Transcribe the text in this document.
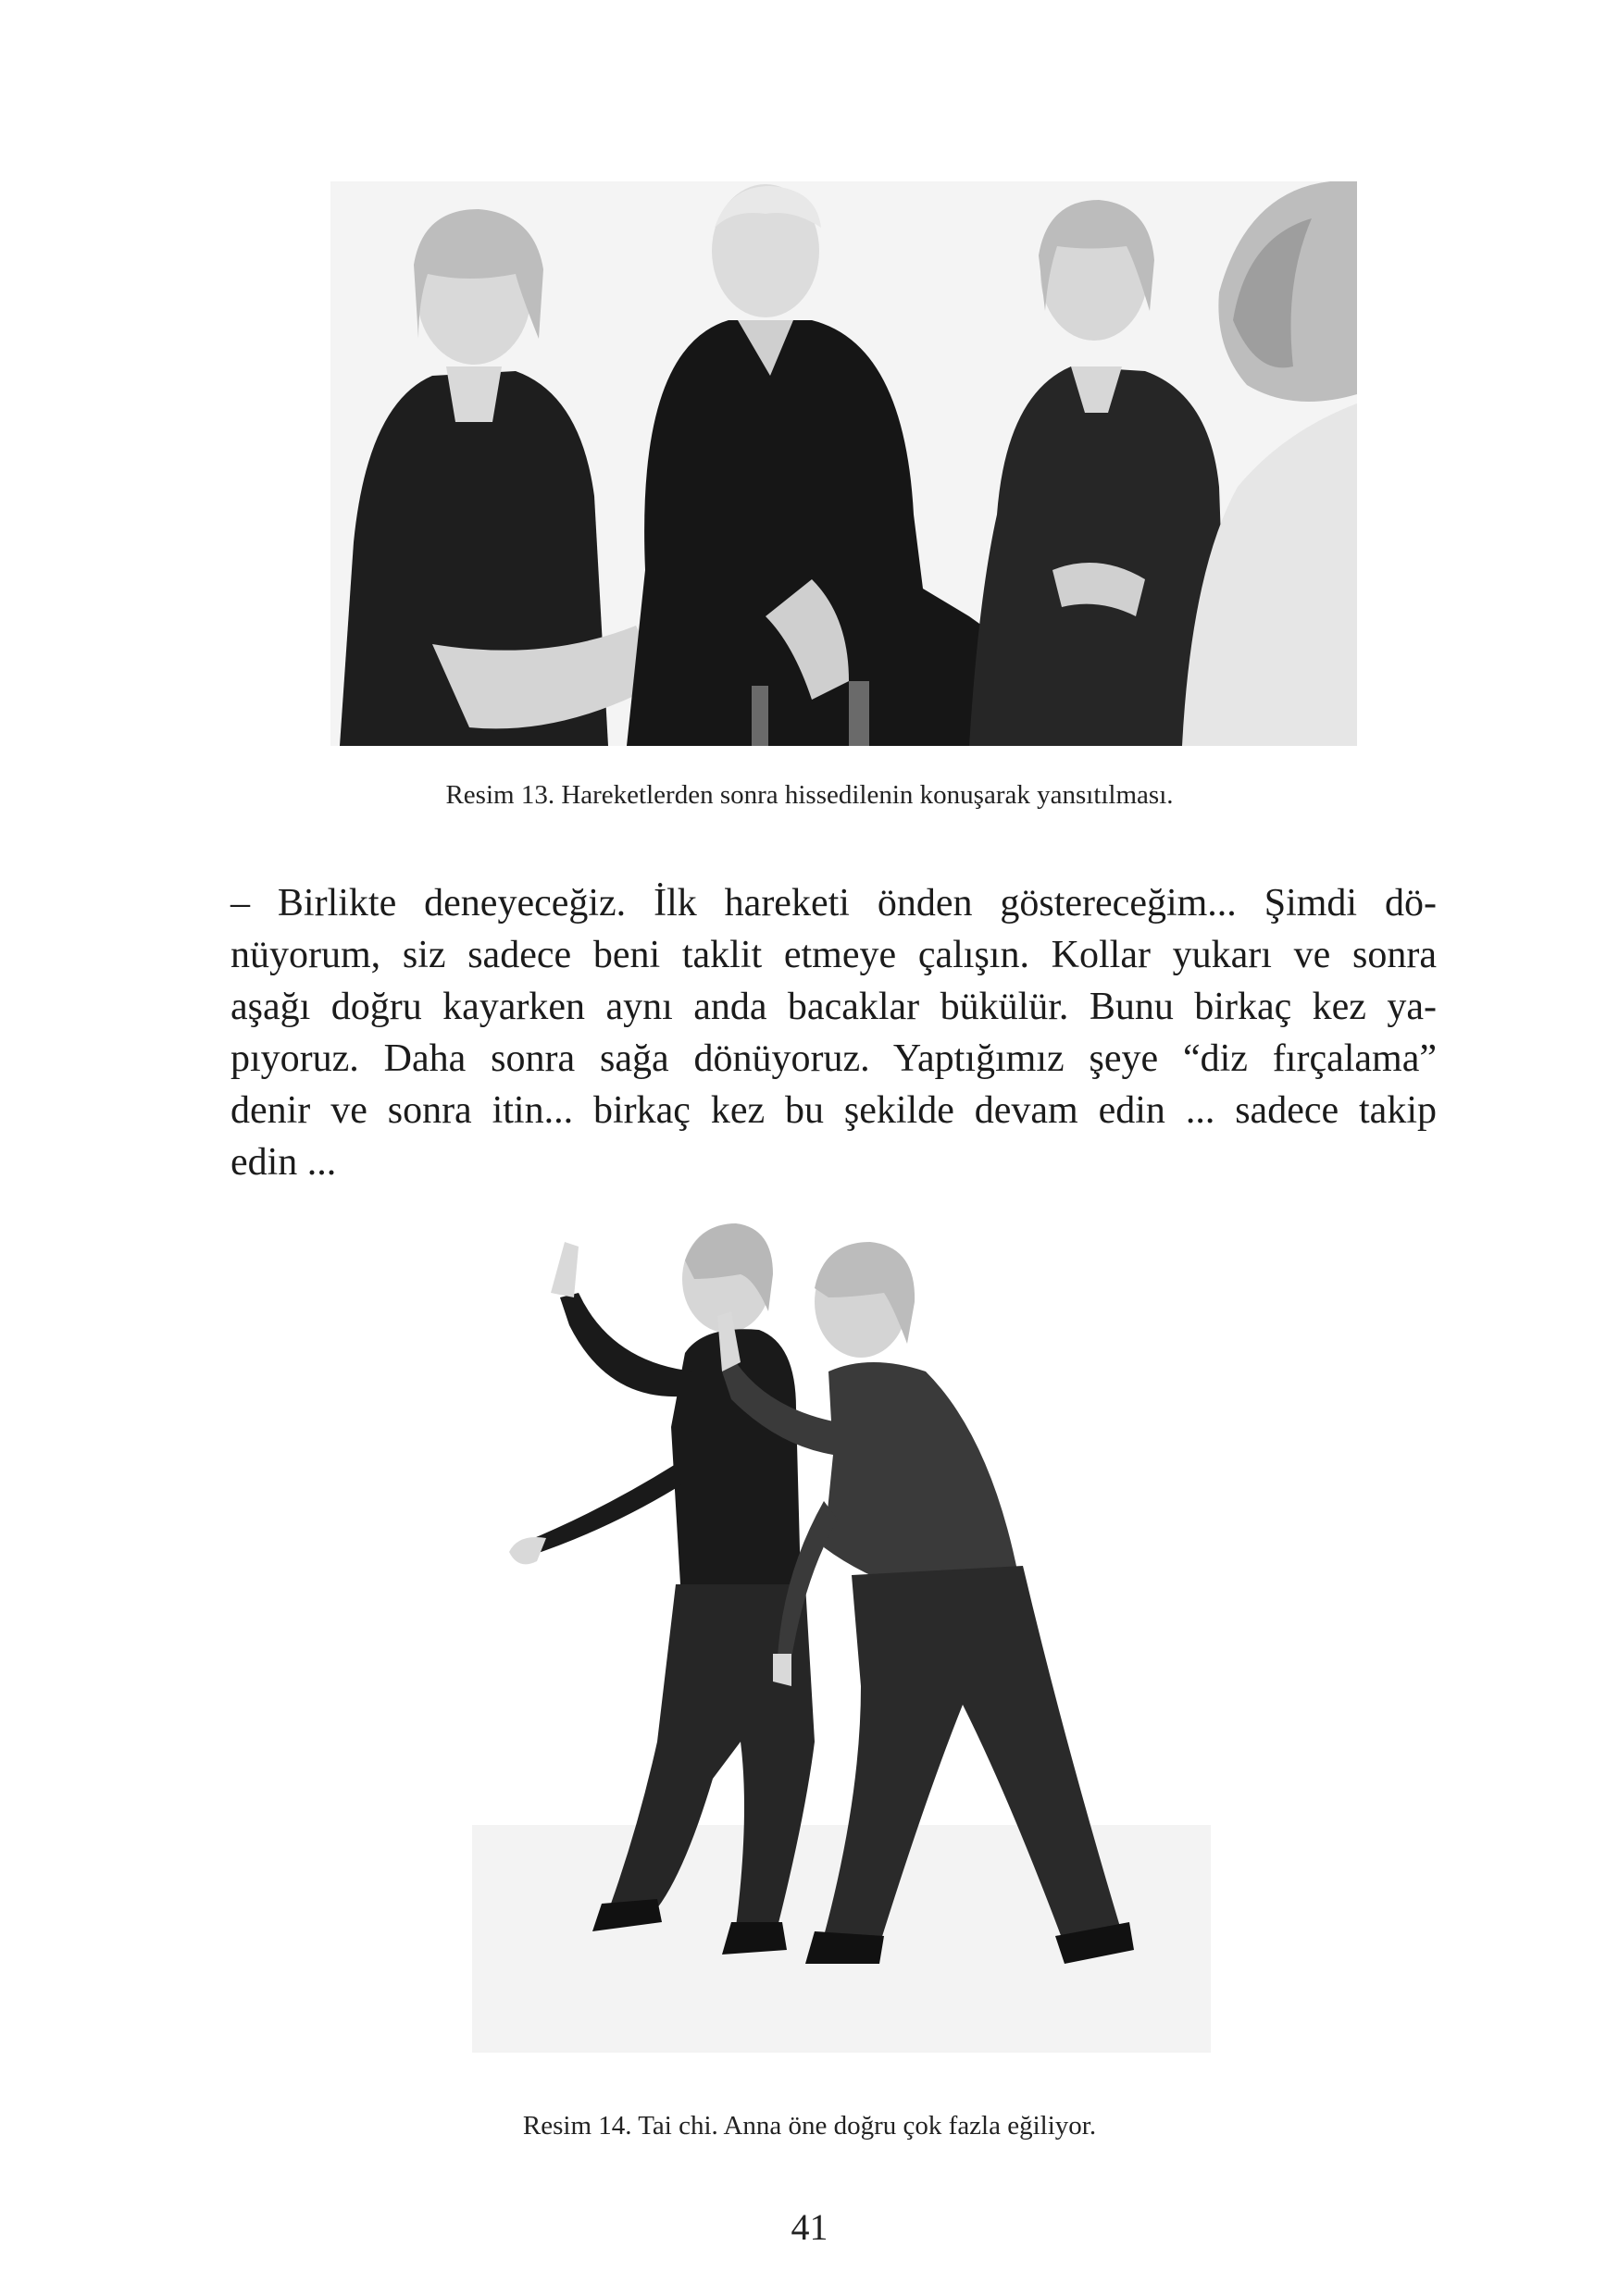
Resim 13. Hareketlerden sonra hissedilenin konuşarak yansıtılması.
– Birlikte deneyeceğiz. İlk hareketi önden göstereceğim... Şimdi dö-
nüyorum, siz sadece beni taklit etmeye çalışın. Kollar yukarı ve sonra
aşağı doğru kayarken aynı anda bacaklar bükülür. Bunu birkaç kez ya-
pıyoruz. Daha sonra sağa dönüyoruz. Yaptığımız şeye “diz fırçalama”
denir ve sonra itin... birkaç kez bu şekilde devam edin ... sadece takip
edin ...
Resim 14. Tai chi. Anna öne doğru çok fazla eğiliyor.
41
